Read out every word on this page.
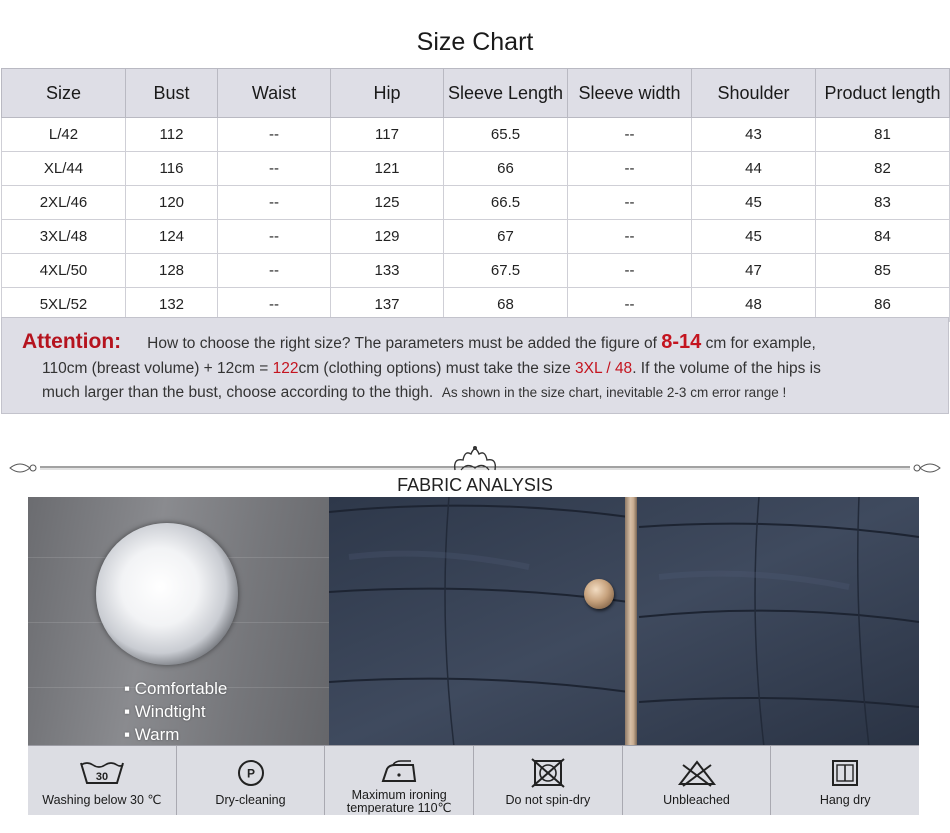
Size Chart
Size	Bust	Waist	Hip	Sleeve Length	Sleeve width	Shoulder	Product length
L/42	112	--	117	65.5	--	43	81
XL/44	116	--	121	66	--	44	82
2XL/46	120	--	125	66.5	--	45	83
3XL/48	124	--	129	67	--	45	84
4XL/50	128	--	133	67.5	--	47	85
5XL/52	132	--	137	68	--	48	86
Attention: How to choose the right size? The parameters must be added the figure of 8-14 cm for example,
110cm (breast volume) + 12cm = 122cm (clothing options) must take the size 3XL / 48. If the volume of the hips is
much larger than the bust, choose according to the thigh. As shown in the size chart, inevitable 2-3 cm error range !
FABRIC ANALYSIS
▪ Comfortable
▪ Windtight
▪ Warm
30
Washing below 30 ℃
P
Dry-cleaning	Maximum ironing
temperature 110℃
Do not spin-dry	Unbleached	Hang dry
